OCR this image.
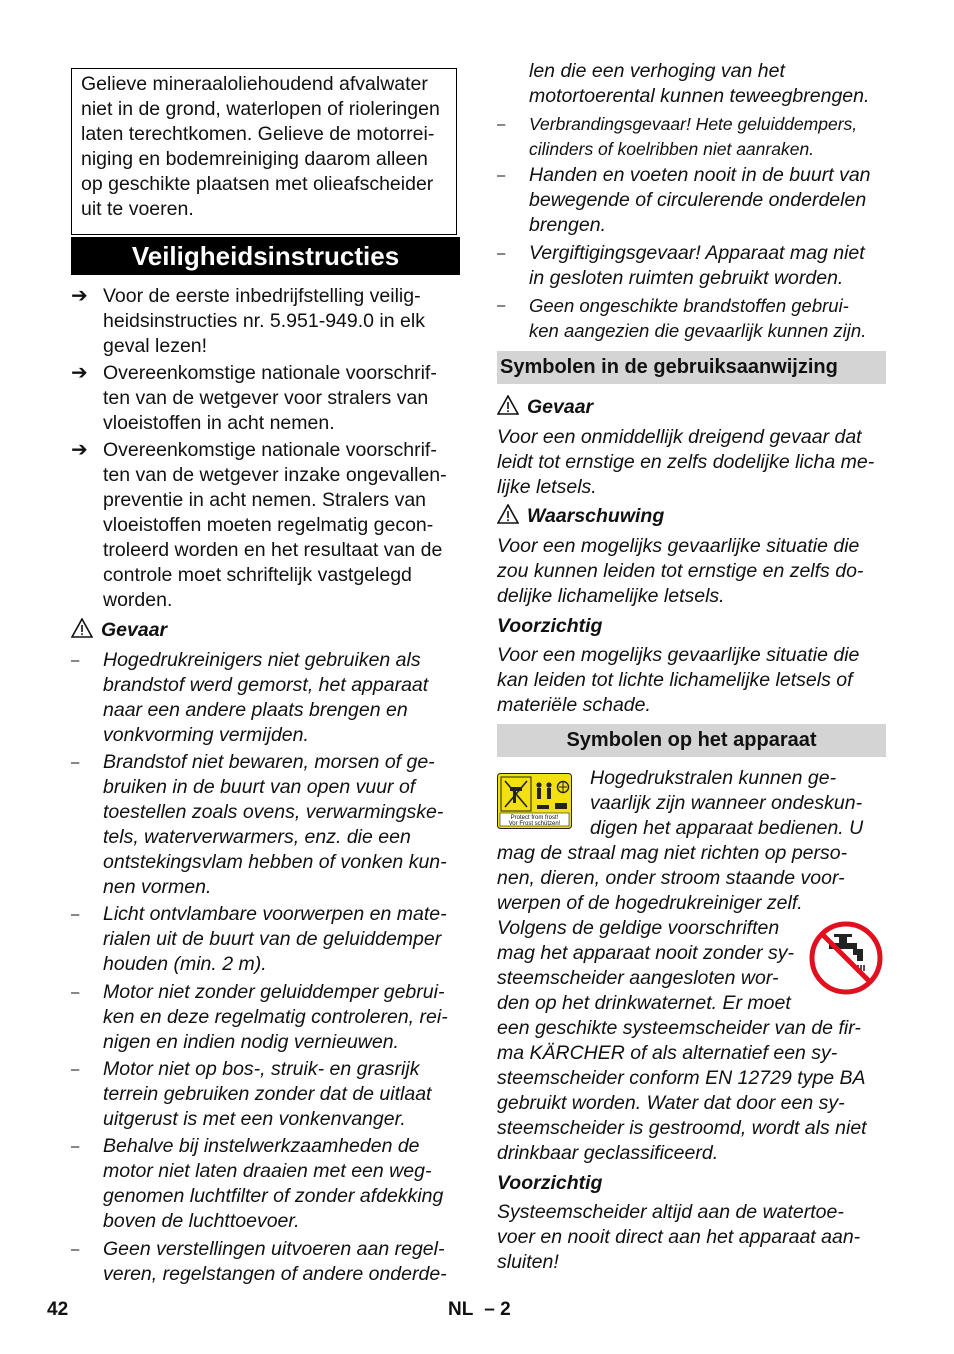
Gelieve mineraaloliehoudend afvalwater
niet in de grond, waterlopen of rioleringen
laten terechtkomen. Gelieve de motorrei-
niging en bodemreiniging daarom alleen
op geschikte plaatsen met olieafscheider
uit te voeren.
Veiligheidsinstructies
➔ Voor de eerste inbedrijfstelling veilig-
heidsinstructies nr. 5.951-949.0 in elk
geval lezen!
➔ Overeenkomstige nationale voorschrif-
ten van de wetgever voor stralers van
vloeistoffen in acht nemen.
➔ Overeenkomstige nationale voorschrif-
ten van de wetgever inzake ongevallen-
preventie in acht nemen. Stralers van
vloeistoffen moeten regelmatig gecon-
troleerd worden en het resultaat van de
controle moet schriftelijk vastgelegd
worden.
Gevaar
– Hogedrukreinigers niet gebruiken als
brandstof werd gemorst, het apparaat
naar een andere plaats brengen en
vonkvorming vermijden.
– Brandstof niet bewaren, morsen of ge-
bruiken in de buurt van open vuur of
toestellen zoals ovens, verwarmingske-
tels, waterverwarmers, enz. die een
ontstekingsvlam hebben of vonken kun-
nen vormen.
– Licht ontvlambare voorwerpen en mate-
rialen uit de buurt van de geluiddemper
houden (min. 2 m).
– Motor niet zonder geluiddemper gebrui-
ken en deze regelmatig controleren, rei-
nigen en indien nodig vernieuwen.
– Motor niet op bos-, struik- en grasrijk
terrein gebruiken zonder dat de uitlaat
uitgerust is met een vonkenvanger.
– Behalve bij instelwerkzaamheden de
motor niet laten draaien met een weg-
genomen luchtfilter of zonder afdekking
boven de luchttoevoer.
– Geen verstellingen uitvoeren aan regel-
veren, regelstangen of andere onderde-
len die een verhoging van het
motortoerental kunnen teweegbrengen.
– Verbrandingsgevaar! Hete geluiddempers,
cilinders of koelribben niet aanraken.
– Handen en voeten nooit in de buurt van
bewegende of circulerende onderdelen
brengen.
– Vergiftigingsgevaar! Apparaat mag niet
in gesloten ruimten gebruikt worden.
– Geen ongeschikte brandstoffen gebrui-
ken aangezien die gevaarlijk kunnen zijn.
Symbolen in de gebruiksaanwijzing
Gevaar
Voor een onmiddellijk dreigend gevaar dat
leidt tot ernstige en zelfs dodelijke licha me-
lijke letsels.
Waarschuwing
Voor een mogelijks gevaarlijke situatie die
zou kunnen leiden tot ernstige en zelfs do-
delijke lichamelijke letsels.
Voorzichtig
Voor een mogelijks gevaarlijke situatie die
kan leiden tot lichte lichamelijke letsels of
materiële schade.
Symbolen op het apparaat
Protect from frost!
Vor Frost schützen!
Hogedrukstralen kunnen ge-
vaarlijk zijn wanneer ondeskun-
digen het apparaat bedienen. U
mag de straal mag niet richten op perso-
nen, dieren, onder stroom staande voor-
werpen of de hogedrukreiniger zelf.
Volgens de geldige voorschriften
mag het apparaat nooit zonder sy-
steemscheider aangesloten wor-
den op het drinkwaternet. Er moet
een geschikte systeemscheider van de fir-
ma KÄRCHER of als alternatief een sy-
steemscheider conform EN 12729 type BA
gebruikt worden. Water dat door een sy-
steemscheider is gestroomd, wordt als niet
drinkbaar geclassificeerd.
Voorzichtig
Systeemscheider altijd aan de watertoe-
voer en nooit direct aan het apparaat aan-
sluiten!
42	NL – 2
